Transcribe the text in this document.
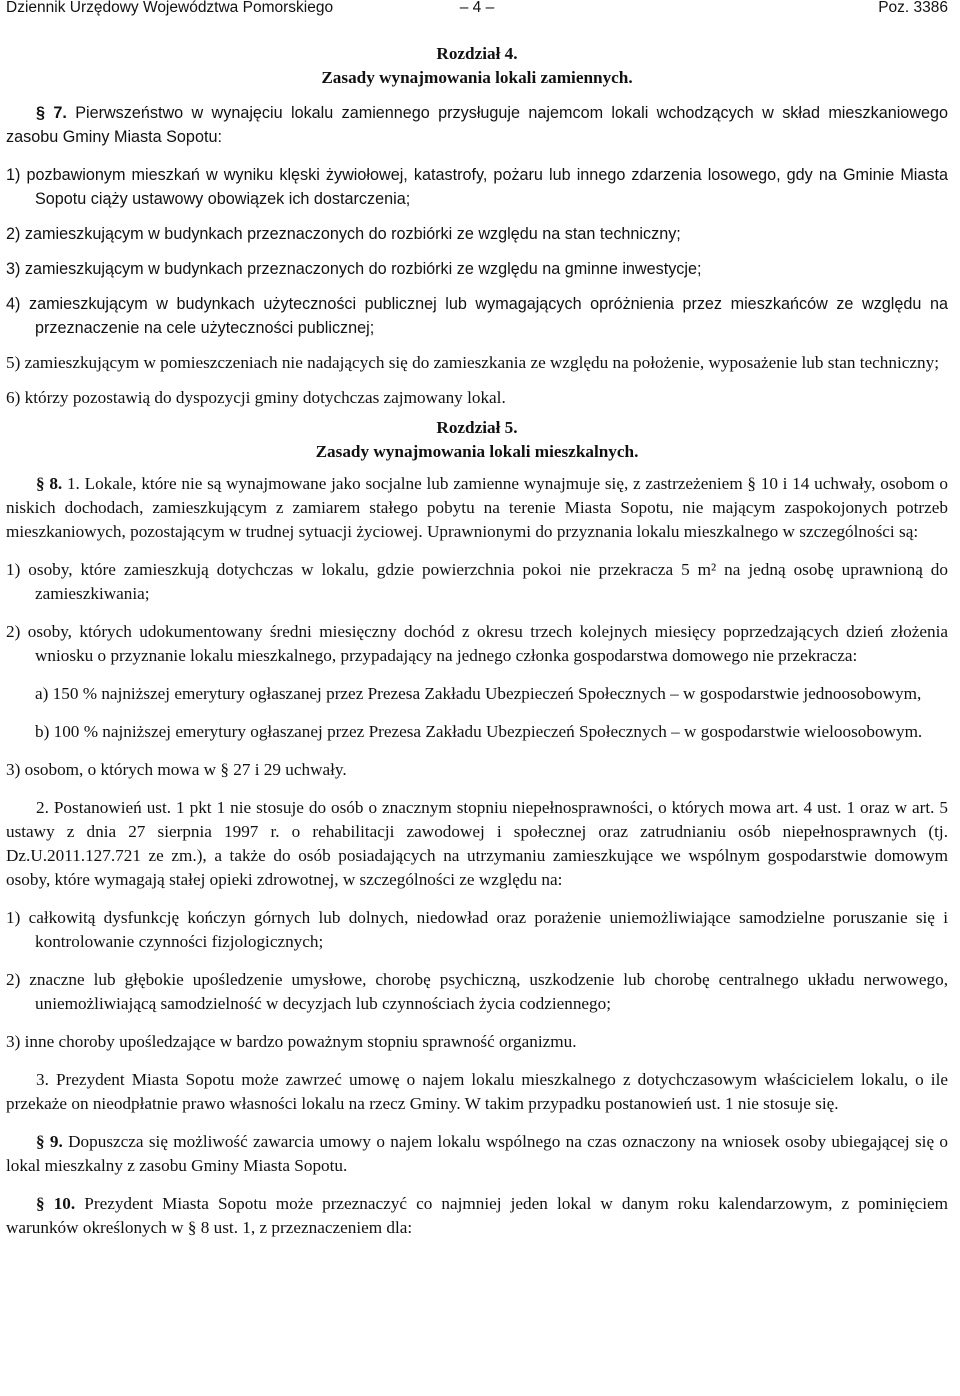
Dziennik Urzędowy Województwa Pomorskiego	– 4 –	Poz. 3386

Rozdział 4.

Zasady wynajmowania lokali zamiennych.

§ 7. Pierwszeństwo w wynajęciu lokalu zamiennego przysługuje najemcom lokali wchodzących w skład mieszkaniowego zasobu Gminy Miasta Sopotu:

1) pozbawionym mieszkań w wyniku klęski żywiołowej, katastrofy, pożaru lub innego zdarzenia losowego, gdy na Gminie Miasta Sopotu ciąży ustawowy obowiązek ich dostarczenia;

2) zamieszkującym w budynkach przeznaczonych do rozbiórki ze względu na stan techniczny;

3) zamieszkującym w budynkach przeznaczonych do rozbiórki ze względu na gminne inwestycje;

4) zamieszkującym w budynkach użyteczności publicznej lub wymagających opróżnienia przez mieszkańców ze względu na przeznaczenie na cele użyteczności publicznej;

5) zamieszkującym w pomieszczeniach nie nadających się do zamieszkania ze względu na położenie, wyposażenie lub stan techniczny;

6) którzy pozostawią do dyspozycji gminy dotychczas zajmowany lokal.

Rozdział 5.

Zasady wynajmowania lokali mieszkalnych.

§ 8. 1. Lokale, które nie są wynajmowane jako socjalne lub zamienne wynajmuje się, z zastrzeżeniem § 10 i 14 uchwały, osobom o niskich dochodach, zamieszkującym z zamiarem stałego pobytu na terenie Miasta Sopotu, nie mającym zaspokojonych potrzeb mieszkaniowych, pozostającym w trudnej sytuacji życiowej. Uprawnionymi do przyznania lokalu mieszkalnego w szczególności są:

1) osoby, które zamieszkują dotychczas w lokalu, gdzie powierzchnia pokoi nie przekracza 5 m² na jedną osobę uprawnioną do zamieszkiwania;

2) osoby, których udokumentowany średni miesięczny dochód z okresu trzech kolejnych miesięcy poprzedzających dzień złożenia wniosku o przyznanie lokalu mieszkalnego, przypadający na jednego członka gospodarstwa domowego nie przekracza:

a) 150 % najniższej emerytury ogłaszanej przez Prezesa Zakładu Ubezpieczeń Społecznych – w gospodarstwie jednoosobowym,

b) 100 % najniższej emerytury ogłaszanej przez Prezesa Zakładu Ubezpieczeń Społecznych – w gospodarstwie wieloosobowym.

3) osobom, o których mowa w § 27 i 29 uchwały.

2. Postanowień ust. 1 pkt 1 nie stosuje do osób o znacznym stopniu niepełnosprawności, o których mowa art. 4 ust. 1 oraz w art. 5 ustawy z dnia 27 sierpnia 1997 r. o rehabilitacji zawodowej i społecznej oraz zatrudnianiu osób niepełnosprawnych (tj. Dz.U.2011.127.721 ze zm.), a także do osób posiadających na utrzymaniu zamieszkujące we wspólnym gospodarstwie domowym osoby, które wymagają stałej opieki zdrowotnej, w szczególności ze względu na:

1) całkowitą dysfunkcję kończyn górnych lub dolnych, niedowład oraz porażenie uniemożliwiające samodzielne poruszanie się i kontrolowanie czynności fizjologicznych;

2) znaczne lub głębokie upośledzenie umysłowe, chorobę psychiczną, uszkodzenie lub chorobę centralnego układu nerwowego, uniemożliwiającą samodzielność w decyzjach lub czynnościach życia codziennego;

3) inne choroby upośledzające w bardzo poważnym stopniu sprawność organizmu.

3. Prezydent Miasta Sopotu może zawrzeć umowę o najem lokalu mieszkalnego z dotychczasowym właścicielem lokalu, o ile przekaże on nieodpłatnie prawo własności lokalu na rzecz Gminy. W takim przypadku postanowień ust. 1 nie stosuje się.

§ 9. Dopuszcza się możliwość zawarcia umowy o najem lokalu wspólnego na czas oznaczony na wniosek osoby ubiegającej się o lokal mieszkalny z zasobu Gminy Miasta Sopotu.

§ 10. Prezydent Miasta Sopotu może przeznaczyć co najmniej jeden lokal w danym roku kalendarzowym, z pominięciem warunków określonych w § 8 ust. 1, z przeznaczeniem dla:
